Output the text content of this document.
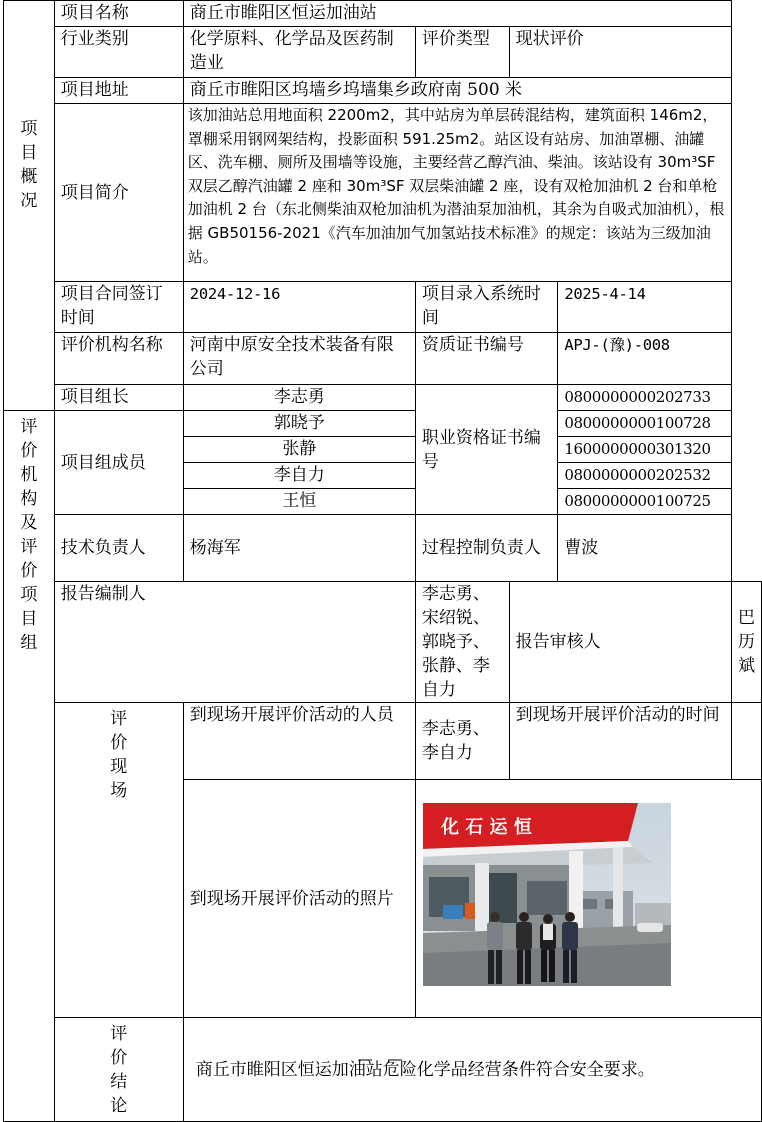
项目概况	项目名称	商丘市睢阳区恒运加油站				
	行业类别	化学原料、化学品及医药制造业	评价类型	现状评价		
	项目地址	商丘市睢阳区坞墙乡坞墙集乡政府南 500 米				
	项目简介	该加油站总用地面积 2200m2，其中站房为单层砖混结构，建筑面积 146m2，罩棚采用钢网架结构，投影面积 591.25m2。站区设有站房、加油罩棚、油罐区、洗车棚、厕所及围墙等设施，主要经营乙醇汽油、柴油。该站设有 30m³SF 双层乙醇汽油罐 2 座和 30m³SF 双层柴油罐 2 座，设有双枪加油机 2 台和单枪加油机 2 台（东北侧柴油双枪加油机为潜油泵加油机，其余为自吸式加油机），根据 GB50156-2021《汽车加油加气加氢站技术标准》的规定：该站为三级加油站。				
	项目合同签订时间	2024-12-16	项目录入系统时间		2025-4-14	
	评价机构名称	河南中原安全技术装备有限公司	资质证书编号		APJ-(豫)-008	
	项目组长	李志勇	职业资格证书编号		0800000000202733	

评价机构及评价项目组	项目组成员	郭晓予			0800000000100728	
		张静			1600000000301320	
		李自力			0800000000202532	
		王恒			0800000000100725	
	技术负责人	杨海军	过程控制负责人		曹波	
	报告编制人		李志勇、宋绍锐、郭晓予、张静、李自力	报告审核人		巴历斌

	评价现场	到现场开展评价活动的人员	李志勇、李自力	到现场开展评价活动的时间		
		到现场开展评价活动的照片	化 石 运 恒			

	评价结论	商丘市睢阳区恒运加油站危险化学品经营条件符合安全要求。				
